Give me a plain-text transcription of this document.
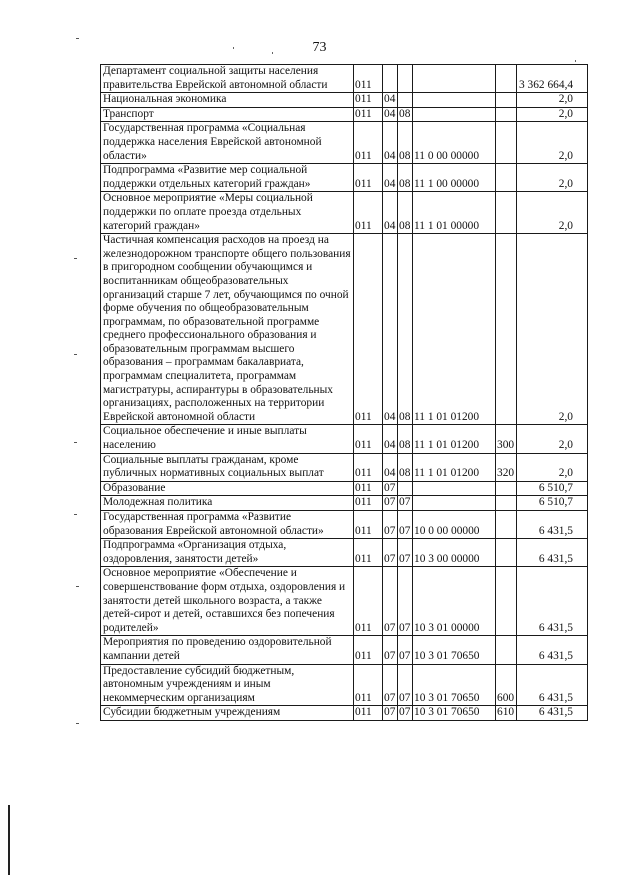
73
Департамент социальной защиты населения правительства Еврейской автономной области	011					3 362 664,4
Национальная экономика	011	04				2,0
Транспорт	011	04	08			2,0
Государственная программа «Социальная поддержка населения Еврейской автономной области»	011	04	08	11 0 00 00000		2,0
Подпрограмма «Развитие мер социальной поддержки отдельных категорий граждан»	011	04	08	11 1 00 00000		2,0
Основное мероприятие «Меры социальной поддержки по оплате проезда отдельных категорий граждан»	011	04	08	11 1 01 00000		2,0
Частичная компенсация расходов на проезд на железнодорожном транспорте общего пользования в пригородном сообщении обучающимся и воспитанникам общеобразовательных организаций старше 7 лет, обучающимся по очной форме обучения по общеобразовательным программам, по образовательной программе среднего профессионального образования и образовательным программам высшего образования – программам бакалавриата, программам специалитета, программам магистратуры, аспирантуры в образовательных организациях, расположенных на территории Еврейской автономной области	011	04	08	11 1 01 01200		2,0
Социальное обеспечение и иные выплаты населению	011	04	08	11 1 01 01200	300	2,0
Социальные выплаты гражданам, кроме публичных нормативных социальных выплат	011	04	08	11 1 01 01200	320	2,0
Образование	011	07				6 510,7
Молодежная политика	011	07	07			6 510,7
Государственная программа «Развитие образования Еврейской автономной области»	011	07	07	10 0 00 00000		6 431,5
Подпрограмма «Организация отдыха, оздоровления, занятости детей»	011	07	07	10 3 00 00000		6 431,5
Основное мероприятие «Обеспечение и совершенствование форм отдыха, оздоровления и занятости детей школьного возраста, а также детей-сирот и детей, оставшихся без попечения родителей»	011	07	07	10 3 01 00000		6 431,5
Мероприятия по проведению оздоровительной кампании детей	011	07	07	10 3 01 70650		6 431,5
Предоставление субсидий бюджетным, автономным учреждениям и иным некоммерческим организациям	011	07	07	10 3 01 70650	600	6 431,5
Субсидии бюджетным учреждениям	011	07	07	10 3 01 70650	610	6 431,5
